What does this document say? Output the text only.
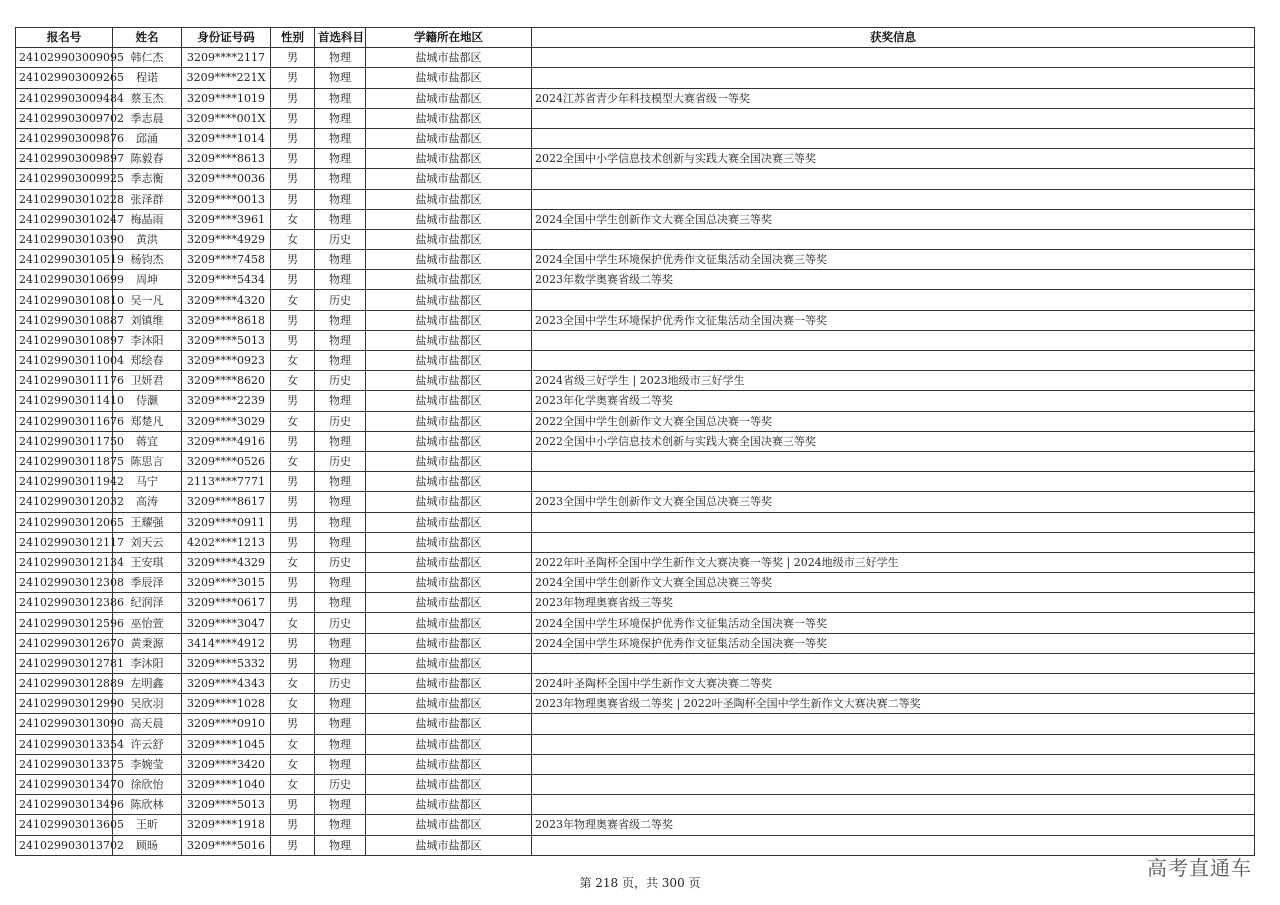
报名号	姓名	身份证号码	性别	首选科目	学籍所在地区	获奖信息
241029903009095	韩仁杰	3209****2117	男	物理	盐城市盐都区	
241029903009265	程诺	3209****221X	男	物理	盐城市盐都区	
241029903009484	蔡玉杰	3209****1019	男	物理	盐城市盐都区	2024江苏省青少年科技模型大赛省级一等奖
241029903009702	季志晨	3209****001X	男	物理	盐城市盐都区	
241029903009876	邱涌	3209****1014	男	物理	盐城市盐都区	
241029903009897	陈毅春	3209****8613	男	物理	盐城市盐都区	2022全国中小学信息技术创新与实践大赛全国决赛三等奖
241029903009925	季志衡	3209****0036	男	物理	盐城市盐都区	
241029903010228	张泽群	3209****0013	男	物理	盐城市盐都区	
241029903010247	梅晶雨	3209****3961	女	物理	盐城市盐都区	2024全国中学生创新作文大赛全国总决赛三等奖
241029903010390	黄洪	3209****4929	女	历史	盐城市盐都区	
241029903010519	杨钧杰	3209****7458	男	物理	盐城市盐都区	2024全国中学生环境保护优秀作文征集活动全国决赛三等奖
241029903010699	周坤	3209****5434	男	物理	盐城市盐都区	2023年数学奥赛省级二等奖
241029903010810	吴一凡	3209****4320	女	历史	盐城市盐都区	
241029903010887	刘镇维	3209****8618	男	物理	盐城市盐都区	2023全国中学生环境保护优秀作文征集活动全国决赛一等奖
241029903010897	李沐阳	3209****5013	男	物理	盐城市盐都区	
241029903011004	郑绘春	3209****0923	女	物理	盐城市盐都区	
241029903011176	卫妍君	3209****8620	女	历史	盐城市盐都区	2024省级三好学生 | 2023地级市三好学生
241029903011410	侍灏	3209****2239	男	物理	盐城市盐都区	2023年化学奥赛省级二等奖
241029903011676	郑楚凡	3209****3029	女	历史	盐城市盐都区	2022全国中学生创新作文大赛全国总决赛一等奖
241029903011750	蒋宜	3209****4916	男	物理	盐城市盐都区	2022全国中小学信息技术创新与实践大赛全国决赛三等奖
241029903011875	陈思言	3209****0526	女	历史	盐城市盐都区	
241029903011942	马宁	2113****7771	男	物理	盐城市盐都区	
241029903012032	高涛	3209****8617	男	物理	盐城市盐都区	2023全国中学生创新作文大赛全国总决赛三等奖
241029903012065	王耀强	3209****0911	男	物理	盐城市盐都区	
241029903012117	刘天云	4202****1213	男	物理	盐城市盐都区	
241029903012134	王安琪	3209****4329	女	历史	盐城市盐都区	2022年叶圣陶杯全国中学生新作文大赛决赛一等奖 | 2024地级市三好学生
241029903012308	季辰泽	3209****3015	男	物理	盐城市盐都区	2024全国中学生创新作文大赛全国总决赛三等奖
241029903012386	纪润泽	3209****0617	男	物理	盐城市盐都区	2023年物理奥赛省级三等奖
241029903012596	巫怡萱	3209****3047	女	历史	盐城市盐都区	2024全国中学生环境保护优秀作文征集活动全国决赛一等奖
241029903012670	黄秉源	3414****4912	男	物理	盐城市盐都区	2024全国中学生环境保护优秀作文征集活动全国决赛一等奖
241029903012781	李沐阳	3209****5332	男	物理	盐城市盐都区	
241029903012889	左明鑫	3209****4343	女	历史	盐城市盐都区	2024叶圣陶杯全国中学生新作文大赛决赛二等奖
241029903012990	吴欣羽	3209****1028	女	物理	盐城市盐都区	2023年物理奥赛省级二等奖 | 2022叶圣陶杯全国中学生新作文大赛决赛二等奖
241029903013090	高天晨	3209****0910	男	物理	盐城市盐都区	
241029903013354	许云舒	3209****1045	女	物理	盐城市盐都区	
241029903013375	李婉莹	3209****3420	女	物理	盐城市盐都区	
241029903013470	徐欣怡	3209****1040	女	历史	盐城市盐都区	
241029903013496	陈欣林	3209****5013	男	物理	盐城市盐都区	
241029903013605	王昕	3209****1918	男	物理	盐城市盐都区	2023年物理奥赛省级二等奖
241029903013702	顾旸	3209****5016	男	物理	盐城市盐都区	
第 218 页，共 300 页
高考直通车
